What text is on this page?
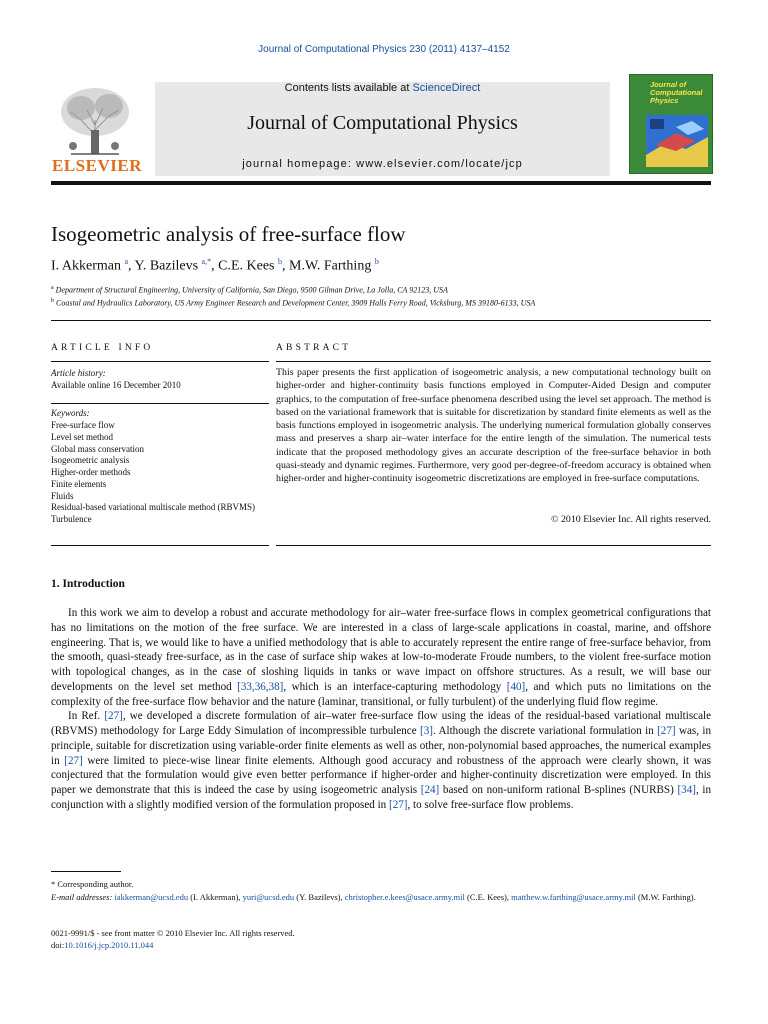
Journal of Computational Physics 230 (2011) 4137–4152
ELSEVIER
Contents lists available at ScienceDirect
Journal of Computational Physics
journal homepage: www.elsevier.com/locate/jcp
Journal of Computational Physics
Isogeometric analysis of free-surface flow
I. Akkerman $^a$, Y. Bazilevs $^{a,*}$, C.E. Kees $^b$, M.W. Farthing $^b$
$^a$ Department of Structural Engineering, University of California, San Diego, 9500 Gilman Drive, La Jolla, CA 92123, USA
$^b$ Coastal and Hydraulics Laboratory, US Army Engineer Research and Development Center, 3909 Halls Ferry Road, Vicksburg, MS 39180-6133, USA
ARTICLE INFO	ABSTRACT
Article history:
Available online 16 December 2010
Keywords:
Free-surface flow
Level set method
Global mass conservation
Isogeometric analysis
Higher-order methods
Finite elements
Fluids
Residual-based variational multiscale method (RBVMS)
Turbulence

This paper presents the first application of isogeometric analysis, a new computational technology built on higher-order and higher-continuity basis functions employed in Computer-Aided Design and computer graphics, to the computation of free-surface phenomena described using the level set approach. The method is based on the variational framework that is suitable for discretization by standard finite elements as well as the basis functions employed in isogeometric analysis. The underlying numerical formulation globally conserves mass and preserves a sharp air–water interface for the entire length of the simulation. The numerical tests indicate that the proposed methodology gives an accurate description of the free-surface behavior in both quasi-steady and dynamic regimes. Furthermore, very good per-degree-of-freedom accuracy is obtained when higher-order and higher-continuity isogeometric discretizations are employed in free-surface computations.

© 2010 Elsevier Inc. All rights reserved.
1. Introduction

In this work we aim to develop a robust and accurate methodology for air–water free-surface flows in complex geometrical configurations that has no limitations on the motion of the free surface. We are interested in a class of large-scale applications in coastal, marine, and offshore engineering. That is, we would like to have a unified methodology that is able to accurately represent the entire range of free-surface behavior, from the smooth, quasi-steady free-surface, as in the case of surface ship wakes at low-to-moderate Froude numbers, to the violent free-surface motion with topological changes, as in the case of sloshing liquids in tanks or wave impact on offshore structures. As a result, we will base our developments on the level set method [33,36,38], which is an interface-capturing methodology [40], and which puts no limitations on the complexity of the free-surface flow behavior and the nature (laminar, transitional, or fully turbulent) of the underlying fluid flow regime.

In Ref. [27], we developed a discrete formulation of air–water free-surface flow using the ideas of the residual-based variational multiscale (RBVMS) methodology for Large Eddy Simulation of incompressible turbulence [3]. Although the discrete variational formulation in [27] was, in principle, suitable for discretization using variable-order finite elements as well as other, non-polynomial based approaches, the numerical examples in [27] were limited to piece-wise linear finite elements. Although good accuracy and robustness of the approach were clearly shown, it was conjectured that the formulation would give even better performance if higher-order and higher-continuity discretization were employed. In this paper we demonstrate that this is indeed the case by using isogeometric analysis [24] based on non-uniform rational B-splines (NURBS) [34], in conjunction with a slightly modified version of the formulation proposed in [27], to solve free-surface flow problems.

* Corresponding author.
E-mail addresses: iakkerman@ucsd.edu (I. Akkerman), yuri@ucsd.edu (Y. Bazilevs), christopher.e.kees@usace.army.mil (C.E. Kees), matthew.w.farthing@usace.army.mil (M.W. Farthing).
0021-9991/$ - see front matter © 2010 Elsevier Inc. All rights reserved.
doi:10.1016/j.jcp.2010.11.044
